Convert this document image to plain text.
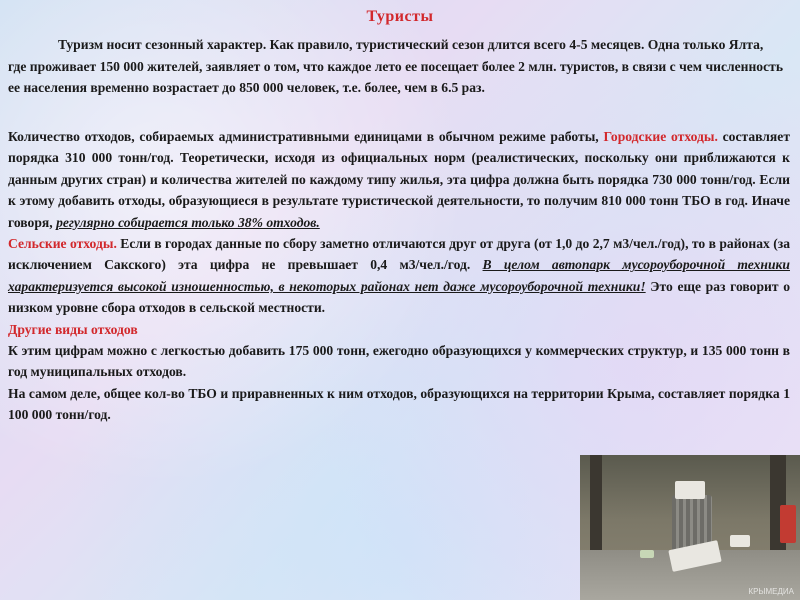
Туристы

Туризм носит сезонный характер. Как правило, туристический сезон длится всего 4-5 месяцев. Одна только Ялта, где проживает 150 000 жителей, заявляет о том, что каждое лето ее посещает более 2 млн. туристов, в связи с чем численность ее населения временно возрастает до 850 000 человек, т.е. более, чем в 6.5 раз.

Количество отходов, собираемых административными единицами в обычном режиме работы, Городские отходы. составляет порядка 310 000 тонн/год. Теоретически, исходя из официальных норм (реалистических, поскольку они приближаются к данным других стран) и количества жителей по каждому типу жилья, эта цифра должна быть порядка 730 000 тонн/год. Если к этому добавить отходы, образующиеся в результате туристической деятельности, то получим 810 000 тонн ТБО в год. Иначе говоря, регулярно собирается только 38% отходов.

Сельские отходы. Если в городах данные по сбору заметно отличаются друг от друга (от 1,0 до 2,7 м3/чел./год), то в районах (за исключением Сакского) эта цифра не превышает 0,4 м3/чел./год. В целом автопарк мусороуборочной техники характеризуется высокой изношенностью, в некоторых районах нет даже мусороуборочной техники! Это еще раз говорит о низком уровне сбора отходов в сельской местности.

Другие виды отходов

К этим цифрам можно с легкостью добавить 175 000 тонн, ежегодно образующихся у коммерческих структур, и 135 000 тонн в год муниципальных отходов.

На самом деле, общее кол-во ТБО и приравненных к ним отходов, образующихся на территории Крыма, составляет порядка 1 100 000 тонн/год.

КРЫМЕДИА
